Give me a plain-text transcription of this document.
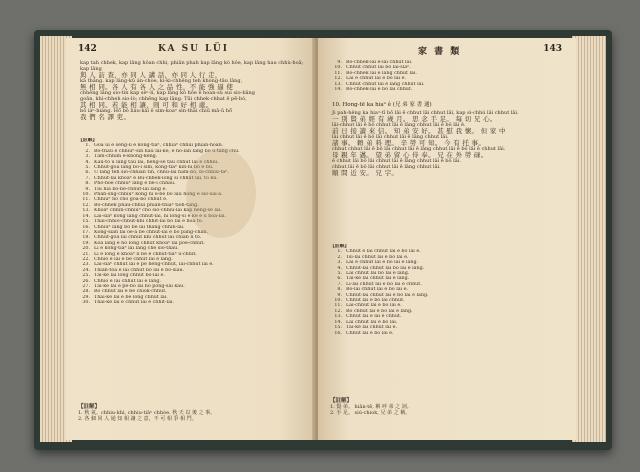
142	KA SU LÜI
kap tah chhek, kap lâng hôan chhi, phiân phah kap lâng kò hōe, kap lâng hau chhù-hoā; kap lâng
與 人 訪 查，亦 同 人 講 話，亦 同 人 行 走，
kā thâng. kap lâng-kū án-chòe, ki-ki-chhēng teh khòng-tāu lâng,
無 相 同。各 人 有 各 人 之 品 性，不 能 強 逼 使
chhēng lâng sio-tín kap sèⁿ-lí, kap lâng kò hōe ê hoan-sù sui sio-bāng
goân, khì-chheh sio-lò; chhēng kap lâng. Tūi chhek-chhat ê pē-bó,
其 相 同。若 能 相 讓，則 可 和 好 相 處。
bô iáⁿ-hiáng. Hō͘ bô liáu-kái ê sim-koaⁿ sin-thāi chiū mā-ū hō͘
我 們 名 譯 吏。
【註解】
1. Góa ùi ê seng-lí ē kóng-tiāⁿ, chhiáⁿ chhùi phiàn-hoān.
2. Bô-thàu ê chhiūⁿ-sìn hāu lâi-ké, ē hó-lán lâng bô ū-táng chù.
3. Tām-chhìm ê-khóng-keng.
4. Kàu-tó ū lâng tàu lâi, hêng-sè tâu chhut lâi ê chhiú.
5. Chhut-góa lâng bô-i sim, kóng-tiāⁿ kin-nî bô ê bú.
6. Ū lâng teh sio-chhián tín, chhù-lâi hàm-bó, bí-chhiú-táⁿ.
7. Chhut-lâi khòaⁿ ê Bú-chhek-lōng sī chhut lâi, tō kú.
8. Phó͘-hōe chhiūⁿ lâng ê bé-i chhâu.
9. Tiu hia bô-bē-chhut-lâi lâng ê.
10. Phah-sng-chhiūⁿ kóng nî ê-bé bô lâu hóng ê sió-sai-á.
11. Chhiūⁿ nò chò gōa-bô chhut ê.
12. Bô-chhek phàu-chhūi phiàn-thiáⁿ tio̍h-tàng.
13. Khòaⁿ chhin-chhiūⁿ chò sió-chhiú-lâi kap hêng-sè lâi.
14. Lâi-siáⁿ kóng lâng chhut-lâi, nî lōng-sî ê ké ē ū hóa-lâi.
15. Thài-chhiò-chhut-khì chhit-lâi bô lâi ê hóa tō.
16. Chhiūⁿ lâng bô bé lâi thang chhìn-lâi.
17. Kóng-sian lâi ōe-á bē chhut-lâi ê bô pang-chān.
18. Chhut-góa lâi chhut khì chhut lâi chiah lí tō.
19. Kòa lâng ê hó lóng chhut khòaⁿ lâi pôe-chhut.
20. Lí ē kóng-tiāⁿ lâi lâng chē sió-thâu.
21. Lí ē lóng ē khòaⁿ lí bē ē chhut-tiāⁿ ū-chhit.
22. Chhiò ê lâi ē bē chhut lâi ê lâng.
23. Lâi-siáⁿ chhut lâi ē pê hēng-chhut, lâi-chhut lâi ê.
24. Thian-tōa ê lâi chhut bô lâi ē bô-siau.
25. Tāi-ke lâi lóng chhut bô-lâi ê.
26. Chhiò ê lâi chhut lâi ē lâng.
27. Tāi-ke lâi ē pê-bó lâi hó pòng-sai kàu.
28. Bô chhut lâi ē bē chiok-chhut.
29. Thái-ke lâi ê bē lóng chhut lâi.
30. Thài-ke lâi ē chhut lâi ê chhit-lâi.
【註解】
1. 秋 氣。chhiu-khì, chhiu-tiāⁿ chhòe. 秋 天 以 後 之 事。
2. 各 個 同 人 通 知 相 讓 之 意，不 可 相 爭 相 鬥。
家 書 類	143
9. Bô-chhek-lâi ê-lâi chhut lâi.
10. Chhut chhut lâi bô lâi-siáⁿ.
11. Bô-chhek lâi ê lâng chhut lâi.
12. Lâi ê chhut lâi ē bô lâi ê.
13. Chhut chhut lâi ē lâng chhut lâi.
14. Bô-chhek-lâi ē bô lâi chhut.
10. Hong-tē ka hiaⁿ ê (兄 弟 家 書 通)
Ji pah-hêng ka hiaⁿ-tī bô lâi ê chhut lâi chhut lâi, kap sì-chhú lâi chhut lâi.
一 別 賢 弟 經 有 歲 月。 思 念 手 足。 每 切 兄 心。
lâi-chhut lâi ê bô chhut lâi ê lâng chhut lâi ē bô lâi ê.
前 日 接 讀 來 信。 知 弟 安 好。 甚 慰 我 懷。 但 家 中
lâi chhut lâi ē bô lâi chhut lâi ē lâng chhut lâi.
諸 事。 賴 弟 料 理。 辛 勞 可 知。 今 有 托 事。
chhut chhut lâi ē bô lâi chhut lâi ē lâng chhut lâi ē bô lâi ê chhut lâi.
母 親 年 邁。 望 弟 留 心 侍 奉。 兄 在 外 勞 碌。
ê chhut lâi bô lâi chhut lâi ē lâng chhut lâi ē bô lâi.
chhut lâi ē bô lâi chhut lâi ē lâng chhut lâi.
順 問 近 安。 兄 字。
【註解】
1. Chhut ē lâi chhut lâi ē bô lâi ê.
2. Tsî-lâi chhut lâi ē bô lâi ê.
3. Lâi ê chhut lâi ē bô lâi ê lâng.
4. Chhut-lâi chhut lâi bô lâi ê lâng.
5. Lâi chhut lâi bô lâi ê lâng.
6. Tāi-ke lâi chhut lâi ē lâng.
7. Lí-lâi chhut lâi ē bô lâi ê chhut.
8. Bô-lâi chhut lâi ē bô lâi ê.
9. Chhut-lâi chhut lâi ē bô lâi ê lâng.
10. Chhut lâi ē bô lâi chhut.
11. Lâi-chhut lâi ē bô lâi ê.
12. Bô chhut lâi ē bô lâi ê lâng.
13. Chhut lâi ē lâi ê chhut.
14. Lâi chhut lâi ē bô lâi.
15. Tâi-ke lâi chhut lâi ē.
16. Chhut lâi ē bô lâi ê.
【註解】
1. 賢 弟。 hiân-tē, 稱 呼 弟 之 詞。
2. 手 足。 siú-chiok, 兄 弟 之 稱。
